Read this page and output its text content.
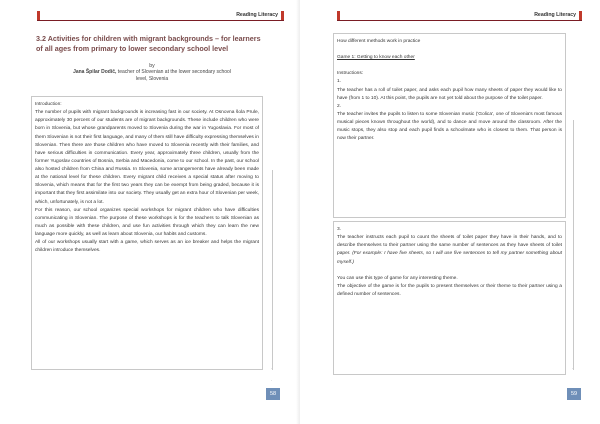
Reading Literacy
3.2 Activities for children with migrant backgrounds – for learners of all ages from primary to lower secondary school level
by
Jana Špilar Dodič, teacher of Slovenian at the lower secondary school
level, Slovenia

Introduction:

The number of pupils with migrant backgrounds is increasing fast in our society. At Osnovna šola Prule, approximately 30 percent of our students are of migrant backgrounds. These include children who were born in Slovenia, but whose grandparents moved to Slovenia during the war in Yugoslavia. For most of them Slovenian is not their first language, and many of them still have difficulty expressing themselves in Slovenian. Then there are those children who have moved to Slovenia recently with their families, and have serious difficulties in communication. Every year, approximately three children, usually from the former Yugoslav countries of Bosnia, Serbia and Macedonia, come to our school. In the past, our school also hosted children from China and Russia. In Slovenia, some arrangements have already been made at the national level for these children. Every migrant child receives a special status after moving to Slovenia, which means that for the first two years they can be exempt from being graded, because it is important that they first assimilate into our society. They usually get an extra hour of Slovenian per week, which, unfortunately, is not a lot.

For this reason, our school organizes special workshops for migrant children who have difficulties communicating in Slovenian. The purpose of these workshops is for the teachers to talk Slovenian as much as possible with these children, and use fun activities through which they can learn the new language more quickly, as well as learn about Slovenia, our habits and customs.

All of our workshops usually start with a game, which serves as an ice breaker and helps the migrant children introduce themselves.

·
·
58
Reading Literacy

How different methods work in practice

Game 1: Getting to know each other

Instructions:

1.

The teacher has a roll of toilet paper, and asks each pupil how many sheets of paper they would like to have (from 1 to 10). At this point, the pupils are not yet told about the purpose of the toilet paper.

2.

The teacher invites the pupils to listen to some Slovenian music ('Golica', one of Slovenia's most famous musical pieces known throughout the world), and to dance and move around the classroom. After the music stops, they also stop and each pupil finds a schoolmate who is closest to them. That person is now their partner.

3.

The teacher instructs each pupil to count the sheets of toilet paper they have in their hands, and to describe themselves to their partner using the same number of sentences as they have sheets of toilet paper. (For example: I have five sheets, so I will use five sentences to tell my partner something about myself.)

You can use this type of game for any interesting theme.

The objective of the game is for the pupils to present themselves or their theme to their partner using a defined number of sentences.

·
59
